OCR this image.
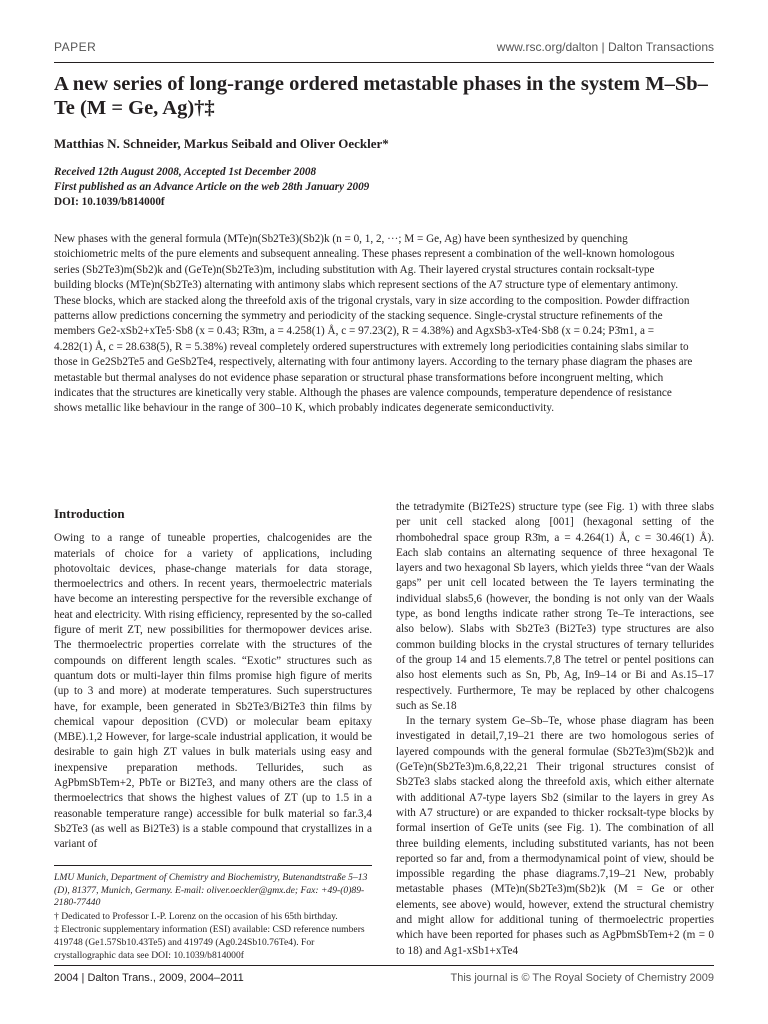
PAPER	www.rsc.org/dalton | Dalton Transactions
A new series of long-range ordered metastable phases in the system M–Sb–Te (M = Ge, Ag)†‡
Matthias N. Schneider, Markus Seibald and Oliver Oeckler*
Received 12th August 2008, Accepted 1st December 2008
First published as an Advance Article on the web 28th January 2009
DOI: 10.1039/b814000f

New phases with the general formula (MTe)n(Sb2Te3)(Sb2)k (n = 0, 1, 2, ···; M = Ge, Ag) have been synthesized by quenching stoichiometric melts of the pure elements and subsequent annealing. These phases represent a combination of the well-known homologous series (Sb2Te3)m(Sb2)k and (GeTe)n(Sb2Te3)m, including substitution with Ag. Their layered crystal structures contain rocksalt-type building blocks (MTe)n(Sb2Te3) alternating with antimony slabs which represent sections of the A7 structure type of elementary antimony. These blocks, which are stacked along the threefold axis of the trigonal crystals, vary in size according to the composition. Powder diffraction patterns allow predictions concerning the symmetry and periodicity of the stacking sequence. Single-crystal structure refinements of the members Ge2-xSb2+xTe5·Sb8 (x = 0.43; R3̄m, a = 4.258(1) Å, c = 97.23(2), R = 4.38%) and AgxSb3-xTe4·Sb8 (x = 0.24; P3̄m1, a = 4.282(1) Å, c = 28.638(5), R = 5.38%) reveal completely ordered superstructures with extremely long periodicities containing slabs similar to those in Ge2Sb2Te5 and GeSb2Te4, respectively, alternating with four antimony layers. According to the ternary phase diagram the phases are metastable but thermal analyses do not evidence phase separation or structural phase transformations before incongruent melting, which indicates that the structures are kinetically very stable. Although the phases are valence compounds, temperature dependence of resistance shows metallic like behaviour in the range of 300–10 K, which probably indicates degenerate semiconductivity.

Introduction

Owing to a range of tuneable properties, chalcogenides are the materials of choice for a variety of applications, including photovoltaic devices, phase-change materials for data storage, thermoelectrics and others. In recent years, thermoelectric materials have become an interesting perspective for the reversible exchange of heat and electricity. With rising efficiency, represented by the so-called figure of merit ZT, new possibilities for thermopower devices arise. The thermoelectric properties correlate with the structures of the compounds on different length scales. “Exotic” structures such as quantum dots or multi-layer thin films promise high figure of merits (up to 3 and more) at moderate temperatures. Such superstructures have, for example, been generated in Sb2Te3/Bi2Te3 thin films by chemical vapour deposition (CVD) or molecular beam epitaxy (MBE).1,2 However, for large-scale industrial application, it would be desirable to gain high ZT values in bulk materials using easy and inexpensive preparation methods. Tellurides, such as AgPbmSbTem+2, PbTe or Bi2Te3, and many others are the class of thermoelectrics that shows the highest values of ZT (up to 1.5 in a reasonable temperature range) accessible for bulk material so far.3,4 Sb2Te3 (as well as Bi2Te3) is a stable compound that crystallizes in a variant of

the tetradymite (Bi2Te2S) structure type (see Fig. 1) with three slabs per unit cell stacked along [001] (hexagonal setting of the rhombohedral space group R3̄m, a = 4.264(1) Å, c = 30.46(1) Å). Each slab contains an alternating sequence of three hexagonal Te layers and two hexagonal Sb layers, which yields three “van der Waals gaps” per unit cell located between the Te layers terminating the individual slabs5,6 (however, the bonding is not only van der Waals type, as bond lengths indicate rather strong Te–Te interactions, see also below). Slabs with Sb2Te3 (Bi2Te3) type structures are also common building blocks in the crystal structures of ternary tellurides of the group 14 and 15 elements.7,8 The tetrel or pentel positions can also host elements such as Sn, Pb, Ag, In9–14 or Bi and As.15–17 respectively. Furthermore, Te may be replaced by other chalcogens such as Se.18

In the ternary system Ge–Sb–Te, whose phase diagram has been investigated in detail,7,19–21 there are two homologous series of layered compounds with the general formulae (Sb2Te3)m(Sb2)k and (GeTe)n(Sb2Te3)m.6,8,22,21 Their trigonal structures consist of Sb2Te3 slabs stacked along the threefold axis, which either alternate with additional A7-type layers Sb2 (similar to the layers in grey As with A7 structure) or are expanded to thicker rocksalt-type blocks by formal insertion of GeTe units (see Fig. 1). The combination of all three building elements, including substituted variants, has not been reported so far and, from a thermodynamical point of view, should be impossible regarding the phase diagrams.7,19–21 New, probably metastable phases (MTe)n(Sb2Te3)m(Sb2)k (M = Ge or other elements, see above) would, however, extend the structural chemistry and might allow for additional tuning of thermoelectric properties which have been reported for phases such as AgPbmSbTem+2 (m = 0 to 18) and Ag1-xSb1+xTe4

LMU Munich, Department of Chemistry and Biochemistry, Butenandtstraße 5–13 (D), 81377, Munich, Germany. E-mail: oliver.oeckler@gmx.de; Fax: +49-(0)89-2180-77440

† Dedicated to Professor I.-P. Lorenz on the occasion of his 65th birthday.

‡ Electronic supplementary information (ESI) available: CSD reference numbers 419748 (Ge1.57Sb10.43Te5) and 419749 (Ag0.24Sb10.76Te4). For crystallographic data see DOI: 10.1039/b814000f

2004 | Dalton Trans., 2009, 2004–2011	This journal is © The Royal Society of Chemistry 2009
